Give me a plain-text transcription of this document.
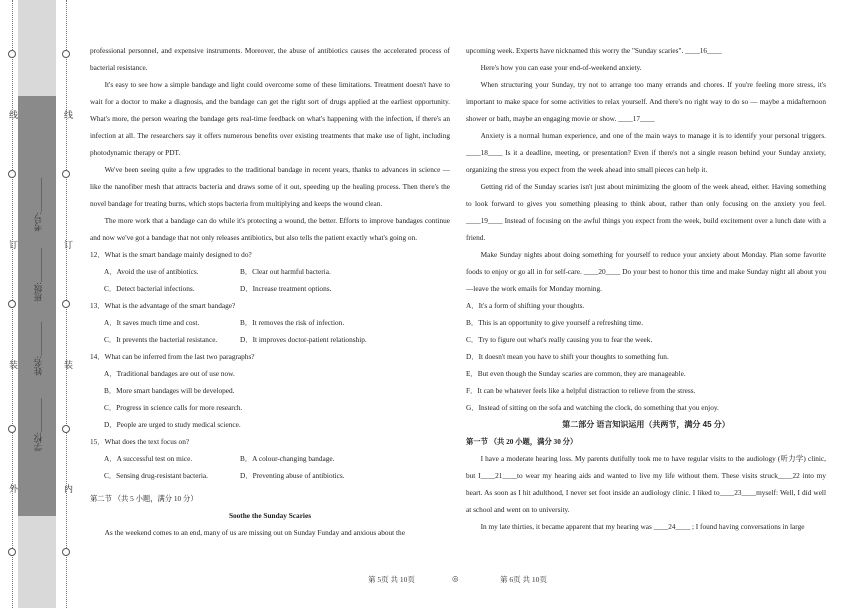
线
订
装
外
线
订
装
内
学校:________
姓名:________
班级:________
考号:________

professional personnel, and expensive instruments. Moreover, the abuse of antibiotics causes the accelerated process of bacterial resistance.

It's easy to see how a simple bandage and light could overcome some of these limitations. Treatment doesn't have to wait for a doctor to make a diagnosis, and the bandage can get the right sort of drugs applied at the earliest opportunity. What's more, the person wearing the bandage gets real-time feedback on what's happening with the infection, if there's an infection at all. The researchers say it offers numerous benefits over existing treatments that make use of light, including photodynamic therapy or PDT.

We've been seeing quite a few upgrades to the traditional bandage in recent years, thanks to advances in science — like the nanofiber mesh that attracts bacteria and draws some of it out, speeding up the healing process. Then there's the novel bandage for treating burns, which stops bacteria from multiplying and keeps the wound clean.

The more work that a bandage can do while it's protecting a wound, the better. Efforts to improve bandages continue and now we've got a bandage that not only releases antibiotics, but also tells the patient exactly what's going on.

12．What is the smart bandage mainly designed to do?

A．Avoid the use of antibiotics.	B．Clear out harmful bacteria.
C．Detect bacterial infections.	D．Increase treatment options.

13．What is the advantage of the smart bandage?

A．It saves much time and cost.	B．It removes the risk of infection.
C．It prevents the bacterial resistance.	D．It improves doctor-patient relationship.

14．What can be inferred from the last two paragraphs?

A．Traditional bandages are out of use now.
B．More smart bandages will be developed.
C．Progress in science calls for more research.
D．People are urged to study medical science.

15．What does the text focus on?

A．A successful test on mice.	B．A colour-changing bandage.
C．Sensing drug-resistant bacteria.	D．Preventing abuse of antibiotics.

第二节 （共 5 小题，满分 10 分）

Soothe the Sunday Scaries

As the weekend comes to an end, many of us are missing out on Sunday Funday and anxious about the

upcoming week. Experts have nicknamed this worry the "Sunday scaries". ____16____

Here's how you can ease your end-of-weekend anxiety.

When structuring your Sunday, try not to arrange too many errands and chores. If you're feeling more stress, it's important to make space for some activities to relax yourself. And there's no right way to do so — maybe a midafternoon shower or bath, maybe an engaging movie or show. ____17____

Anxiety is a normal human experience, and one of the main ways to manage it is to identify your personal triggers. ____18____ Is it a deadline, meeting, or presentation? Even if there's not a single reason behind your Sunday anxiety, organizing the stress you expect from the week ahead into small pieces can help it.

Getting rid of the Sunday scaries isn't just about minimizing the gloom of the week ahead, either. Having something to look forward to gives you something pleasing to think about, rather than only focusing on the anxiety you feel. ____19____ Instead of focusing on the awful things you expect from the week, build excitement over a lunch date with a friend.

Make Sunday nights about doing something for yourself to reduce your anxiety about Monday. Plan some favorite foods to enjoy or go all in for self-care. ____20____ Do your best to honor this time and make Sunday night all about you—leave the work emails for Monday morning.

A．It's a form of shifting your thoughts.

B．This is an opportunity to give yourself a refreshing time.

C．Try to figure out what's really causing you to fear the week.

D．It doesn't mean you have to shift your thoughts to something fun.

E．But even though the Sunday scaries are common, they are manageable.

F．It can be whatever feels like a helpful distraction to relieve from the stress.

G．Instead of sitting on the sofa and watching the clock, do something that you enjoy.

第二部分 语言知识运用（共两节，满分 45 分）

第一节 （共 20 小题，满分 30 分）

I have a moderate hearing loss. My parents dutifully took me to have regular visits to the audiology (听力学) clinic, but I____21____to wear my hearing aids and wanted to live my life without them. These visits struck____22 into my heart. As soon as I hit adulthood, I never set foot inside an audiology clinic. I liked to____23____myself: Well, I did well at school and went on to university.

In my late thirties, it became apparent that my hearing was ____24____ ; I found having conversations in large

第 5页 共 10页	◎	第 6页 共 10页
